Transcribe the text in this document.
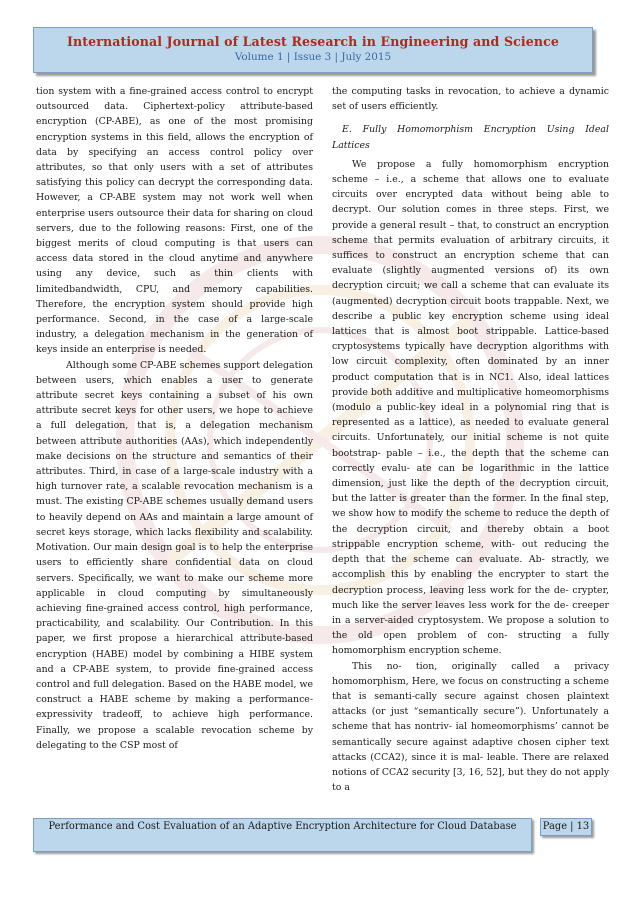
International Journal of Latest Research in Engineering and Science
Volume 1 | Issue 3 | July 2015

tion system with a fine-grained access control to encrypt outsourced data. Ciphertext-policy attribute-based encryption (CP-ABE), as one of the most promising encryption systems in this field, allows the encryption of data by specifying an access control policy over attributes, so that only users with a set of attributes satisfying this policy can decrypt the corresponding data. However, a CP-ABE system may not work well when enterprise users outsource their data for sharing on cloud servers, due to the following reasons: First, one of the biggest merits of cloud computing is that users can access data stored in the cloud anytime and anywhere using any device, such as thin clients with limitedbandwidth, CPU, and memory capabilities. Therefore, the encryption system should provide high performance. Second, in the case of a large-scale industry, a delegation mechanism in the generation of keys inside an enterprise is needed.

Although some CP-ABE schemes support delegation between users, which enables a user to generate attribute secret keys containing a subset of his own attribute secret keys for other users, we hope to achieve a full delegation, that is, a delegation mechanism between attribute authorities (AAs), which independently make decisions on the structure and semantics of their attributes. Third, in case of a large-scale industry with a high turnover rate, a scalable revocation mechanism is a must. The existing CP-ABE schemes usually demand users to heavily depend on AAs and maintain a large amount of secret keys storage, which lacks flexibility and scalability. Motivation. Our main design goal is to help the enterprise users to efficiently share confidential data on cloud servers. Specifically, we want to make our scheme more applicable in cloud computing by simultaneously achieving fine-grained access control, high performance, practicability, and scalability. Our Contribution. In this paper, we first propose a hierarchical attribute-based encryption (HABE) model by combining a HIBE system and a CP-ABE system, to provide fine-grained access control and full delegation. Based on the HABE model, we construct a HABE scheme by making a performance-expressivity tradeoff, to achieve high performance. Finally, we propose a scalable revocation scheme by delegating to the CSP most of

the computing tasks in revocation, to achieve a dynamic set of users efficiently.

E. Fully Homomorphism Encryption Using Ideal Lattices

We propose a fully homomorphism encryption scheme – i.e., a scheme that allows one to evaluate circuits over encrypted data without being able to decrypt. Our solution comes in three steps. First, we provide a general result – that, to construct an encryption scheme that permits evaluation of arbitrary circuits, it suffices to construct an encryption scheme that can evaluate (slightly augmented versions of) its own decryption circuit; we call a scheme that can evaluate its (augmented) decryption circuit boots trappable. Next, we describe a public key encryption scheme using ideal lattices that is almost boot strippable. Lattice-based cryptosystems typically have decryption algorithms with low circuit complexity, often dominated by an inner product computation that is in NC1. Also, ideal lattices provide both additive and multiplicative homeomorphisms (modulo a public-key ideal in a polynomial ring that is represented as a lattice), as needed to evaluate general circuits. Unfortunately, our initial scheme is not quite bootstrap- pable – i.e., the depth that the scheme can correctly evalu- ate can be logarithmic in the lattice dimension, just like the depth of the decryption circuit, but the latter is greater than the former. In the final step, we show how to modify the scheme to reduce the depth of the decryption circuit, and thereby obtain a boot strippable encryption scheme, with- out reducing the depth that the scheme can evaluate. Ab- stractly, we accomplish this by enabling the encrypter to start the decryption process, leaving less work for the de- crypter, much like the server leaves less work for the de- creeper in a server-aided cryptosystem. We propose a solution to the old open problem of con- structing a fully homomorphism encryption scheme.

This no- tion, originally called a privacy homomorphism, Here, we focus on constructing a scheme that is semanti-cally secure against chosen plaintext attacks (or just “semantically secure”). Unfortunately a scheme that has nontriv- ial homeomorphisms’ cannot be semantically secure against adaptive chosen cipher text attacks (CCA2), since it is mal- leable. There are relaxed notions of CCA2 security [3, 16, 52], but they do not apply to a

Performance and Cost Evaluation of an Adaptive Encryption Architecture for Cloud Database	Page | 13
